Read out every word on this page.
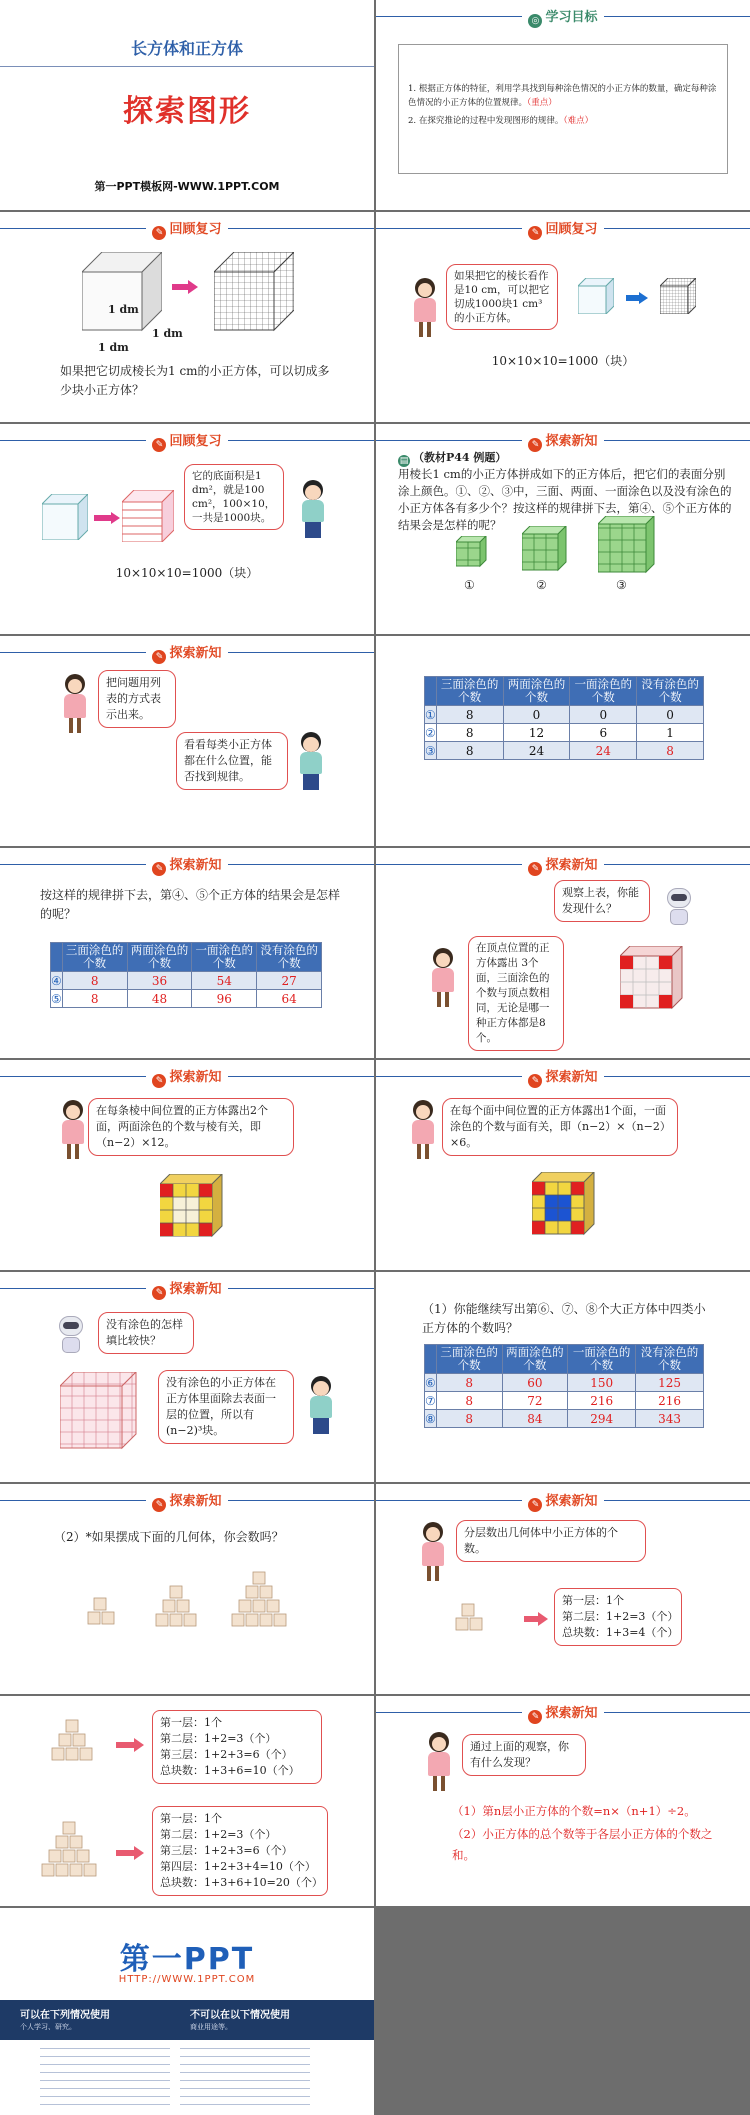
长方体和正方体
探索图形
第一PPT模板网-WWW.1PPT.COM
◎ 学习目标
1. 根据正方体的特征，利用学具找到每种涂色情况的小正方体的数量，确定每种涂色情况的小正方体的位置规律。（重点）
2. 在探究推论的过程中发现图形的规律。（难点）
✎ 回顾复习
1 dm
1 dm
1 dm
如果把它切成棱长为1 cm的小正方体，可以切成多少块小正方体？
✎ 回顾复习
如果把它的棱长看作是10 cm，可以把它切成1000块1 cm³的小正方体。
10×10×10=1000（块）
✎ 回顾复习
它的底面积是1 dm²，就是100 cm²，100×10，一共是1000块。
10×10×10=1000（块）
✎ 探索新知
▤ （教材P44 例题）
用棱长1 cm的小正方体拼成如下的正方体后，把它们的表面分别涂上颜色。①、②、③中，三面、两面、一面涂色以及没有涂色的小正方体各有多少个？按这样的规律拼下去，第④、⑤个正方体的结果会是怎样的呢？
①	②	③
✎ 探索新知
把问题用列表的方式表示出来。
看看每类小正方体都在什么位置，能否找到规律。
	三面涂色的个数	两面涂色的个数	一面涂色的个数	没有涂色的个数
①	8	0	0	0
②	8	12	6	1
③	8	24	24	8
✎ 探索新知
按这样的规律拼下去，第④、⑤个正方体的结果会是怎样的呢？
	三面涂色的个数	两面涂色的个数	一面涂色的个数	没有涂色的个数
④	8	36	54	27
⑤	8	48	96	64
✎ 探索新知
观察上表，你能发现什么？
在顶点位置的正方体露出 3个面，三面涂色的个数与顶点数相同，无论是哪一种正方体都是8个。
✎ 探索新知
在每条棱中间位置的正方体露出2个面，两面涂色的个数与棱有关，即（n−2）×12。
✎ 探索新知
在每个面中间位置的正方体露出1个面，一面涂色的个数与面有关，即（n−2）×（n−2）×6。
✎ 探索新知
没有涂色的怎样填比较快？
没有涂色的小正方体在正方体里面除去表面一层的位置，所以有(n−2)³块。
（1）你能继续写出第⑥、⑦、⑧个大正方体中四类小正方体的个数吗？
	三面涂色的个数	两面涂色的个数	一面涂色的个数	没有涂色的个数
⑥	8	60	150	125
⑦	8	72	216	216
⑧	8	84	294	343
✎ 探索新知
（2）*如果摆成下面的几何体，你会数吗？
✎ 探索新知
分层数出几何体中小正方体的个数。
第一层：1个
第二层：1+2=3（个）
总块数：1+3=4（个）
第一层：1个
第二层：1+2=3（个）
第三层：1+2+3=6（个）
总块数：1+3+6=10（个）
第一层：1个
第二层：1+2=3（个）
第三层：1+2+3=6（个）
第四层：1+2+3+4=10（个）
总块数：1+3+6+10=20（个）
✎ 探索新知
通过上面的观察，你有什么发现？
（1）第n层小正方体的个数=n×（n+1）÷2。
（2）小正方体的总个数等于各层小正方体的个数之和。
第一PPT
HTTP://WWW.1PPT.COM
可以在下列情况使用
个人学习、研究。
不可以在以下情况使用
商业用途等。
